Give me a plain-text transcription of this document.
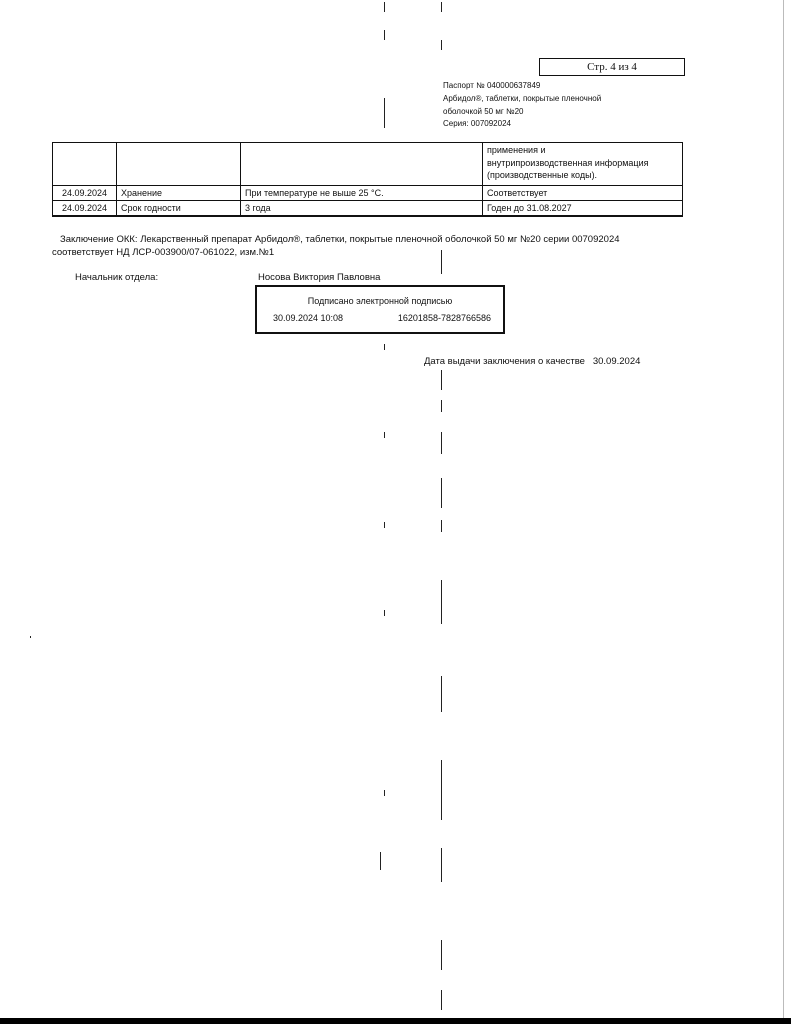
Стр. 4 из 4
Паспорт № 040000637849
Арбидол®, таблетки, покрытые пленочной
оболочкой 50 мг №20
Серия: 007092024
			применения и
внутрипроизводственная информация
(производственные коды).
24.09.2024	Хранение	При температуре не выше 25 °С.	Соответствует
24.09.2024	Срок годности	3 года	Годен до 31.08.2027
Заключение ОКК: Лекарственный препарат Арбидол®, таблетки, покрытые пленочной оболочкой 50 мг №20 серии 007092024
соответствует НД ЛСР-003900/07-061022, изм.№1
Начальник отдела:	Носова Виктория Павловна
Подписано электронной подписью
30.09.2024 10:08	16201858-7828766586
Дата выдачи заключения о качестве 30.09.2024
